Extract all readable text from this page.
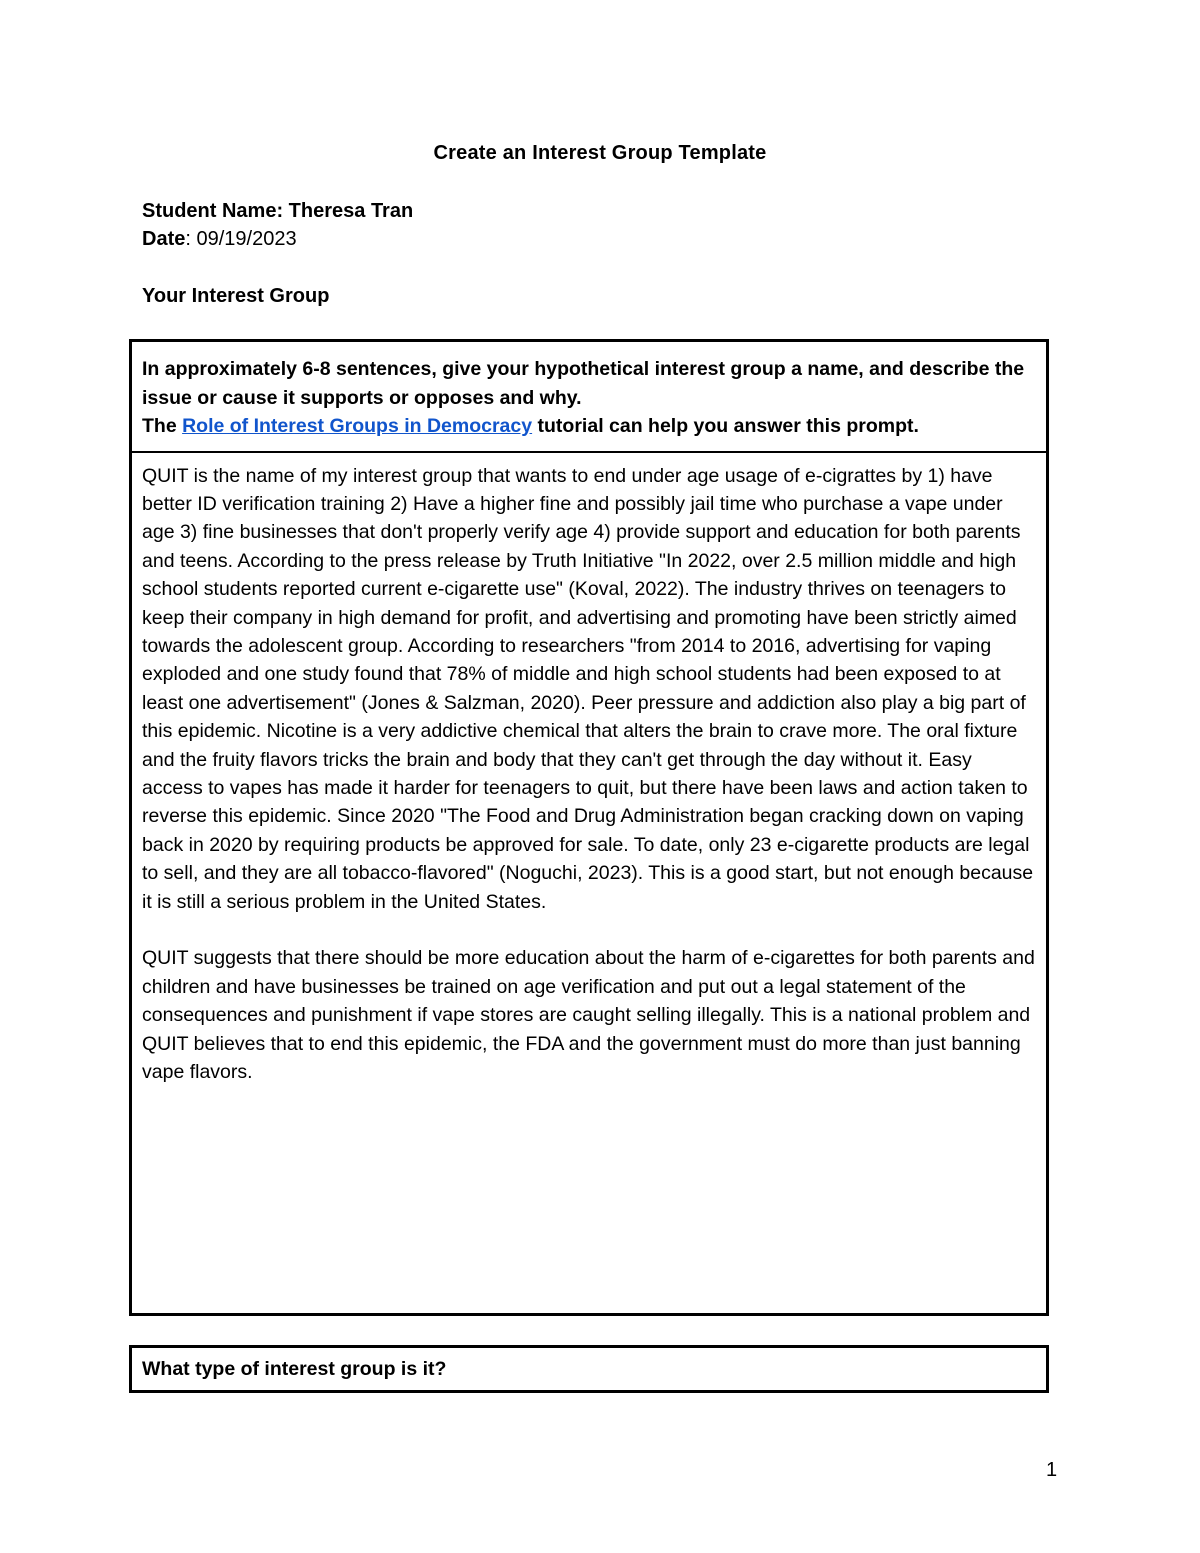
Create an Interest Group Template
Student Name: Theresa Tran
Date: 09/19/2023
Your Interest Group
In approximately 6-8 sentences, give your hypothetical interest group a name, and describe the issue or cause it supports or opposes and why.
The Role of Interest Groups in Democracy tutorial can help you answer this prompt.

QUIT is the name of my interest group that wants to end under age usage of e-cigrattes by 1) have better ID verification training 2) Have a higher fine and possibly jail time who purchase a vape under age 3) fine businesses that don't properly verify age 4) provide support and education for both parents and teens. According to the press release by Truth Initiative "In 2022, over 2.5 million middle and high school students reported current e-cigarette use" (Koval, 2022). The industry thrives on teenagers to keep their company in high demand for profit, and advertising and promoting have been strictly aimed towards the adolescent group. According to researchers "from 2014 to 2016, advertising for vaping exploded and one study found that 78% of middle and high school students had been exposed to at least one advertisement" (Jones & Salzman, 2020). Peer pressure and addiction also play a big part of this epidemic. Nicotine is a very addictive chemical that alters the brain to crave more. The oral fixture and the fruity flavors tricks the brain and body that they can't get through the day without it. Easy access to vapes has made it harder for teenagers to quit, but there have been laws and action taken to reverse this epidemic. Since 2020 "The Food and Drug Administration began cracking down on vaping back in 2020 by requiring products be approved for sale. To date, only 23 e-cigarette products are legal to sell, and they are all tobacco-flavored" (Noguchi, 2023). This is a good start, but not enough because it is still a serious problem in the United States.

QUIT suggests that there should be more education about the harm of e-cigarettes for both parents and children and have businesses be trained on age verification and put out a legal statement of the consequences and punishment if vape stores are caught selling illegally. This is a national problem and QUIT believes that to end this epidemic, the FDA and the government must do more than just banning vape flavors.

What type of interest group is it?
1
